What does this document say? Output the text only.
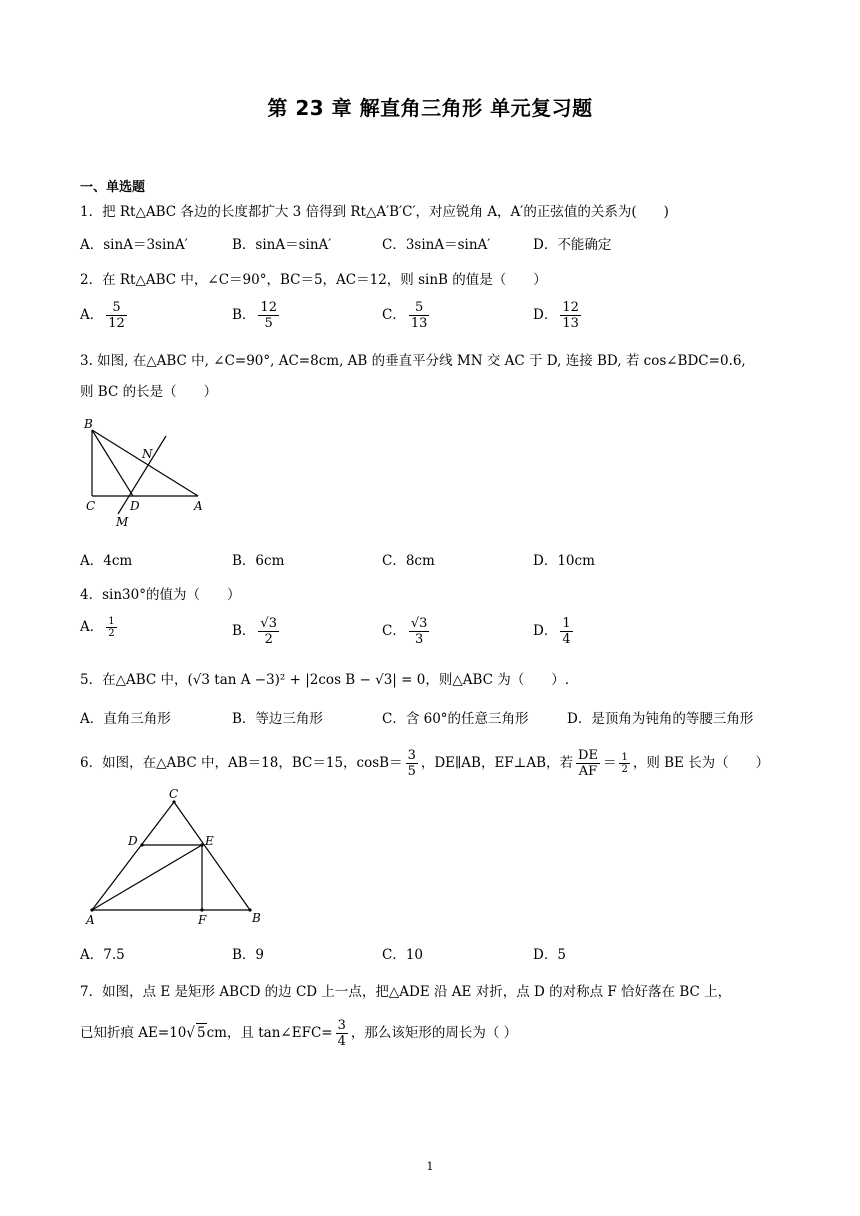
第 23 章 解直角三角形 单元复习题
一、单选题
1．把 Rt△ABC 各边的长度都扩大 3 倍得到 Rt△A′B′C′，对应锐角 A，A′的正弦值的关系为(　　)
A．sinA＝3sinA′	B．sinA＝sinA′	C．3sinA＝sinA′	D．不能确定
2．在 Rt△ABC 中，∠C＝90°，BC＝5，AC＝12，则 sinB 的值是（　　）
A． $\frac{5}{12}$	B． $\frac{12}{5}$	C． $\frac{5}{13}$	D． $\frac{12}{13}$
3. 如图, 在△ABC 中, ∠C=90°, AC=8cm, AB 的垂直平分线 MN 交 AC 于 D, 连接 BD, 若 cos∠BDC=0.6,
则 BC 的长是（　　）
B
N
C	D	A
M
A．4cm	B．6cm	C．8cm	D．10cm
4．sin30°的值为（　　）
A． $\frac{1}{2}$	B． $\frac{√3}{2}$	C． $\frac{√3}{3}$	D． $\frac{1}{4}$
5．在△ABC 中，(√3 tan A −3)² + |2cos B − √3| = 0，则△ABC 为（　　）.
A．直角三角形	B．等边三角形	C．含 60°的任意三角形	D．是顶角为钝角的等腰三角形
6．如图，在△ABC 中，AB＝18，BC＝15，$\cos B= \frac{3}{5}$ ，DE∥AB，EF⊥AB，若 $\frac{DE}{AF} = \frac{1}{2}$ ，则 BE 长为（　　）
C
D	E
A	F	B
A．7.5	B．9	C．10	D．5
7．如图，点 E 是矩形 ABCD 的边 CD 上一点，把△ADE 沿 AE 对折，点 D 的对称点 F 恰好落在 BC 上，
已知折痕 AE=10√ 5cm，且 tan∠EFC= $\frac{3}{4}$ ，那么该矩形的周长为（ ）
1
